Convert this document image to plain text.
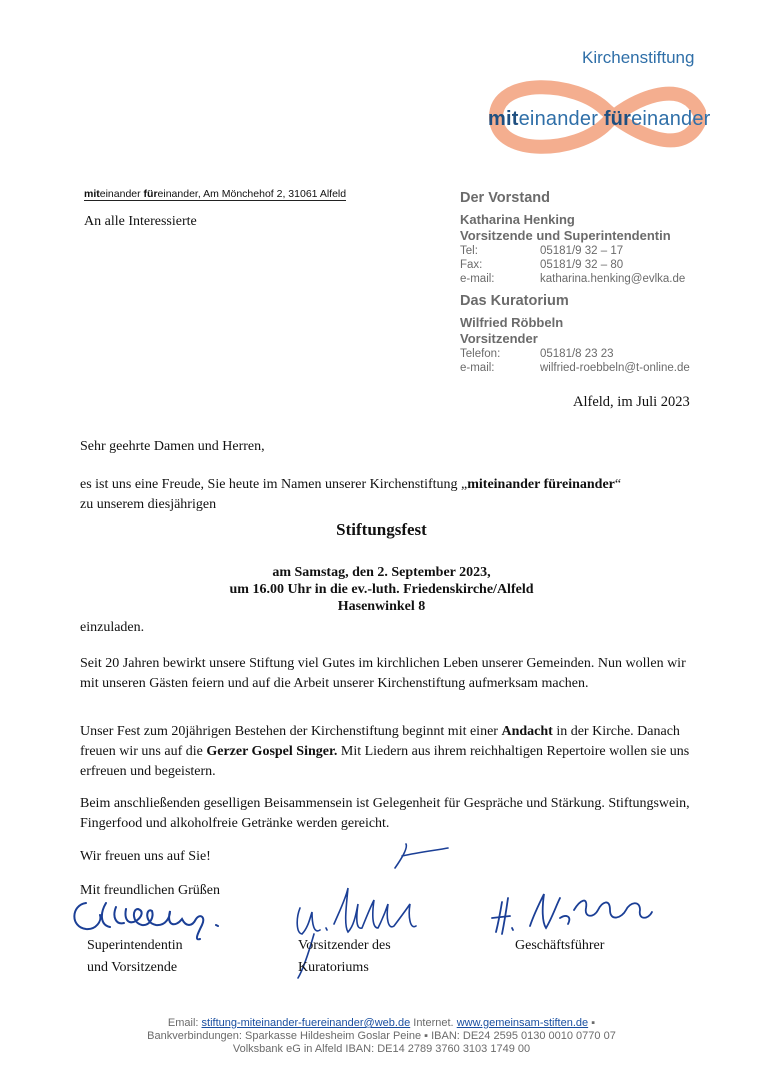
Kirchenstiftung
miteinander füreinander
miteinander füreinander, Am Mönchehof 2, 31061 Alfeld
An alle Interessierte
Der Vorstand
Katharina Henking
Vorsitzende und Superintendentin
Tel:	05181/9 32 – 17
Fax:	05181/9 32 – 80
e-mail:	katharina.henking@evlka.de
Das Kuratorium
Wilfried Röbbeln
Vorsitzender
Telefon:	05181/8 23 23
e-mail:	wilfried-roebbeln@t-online.de
Alfeld, im Juli 2023
Sehr geehrte Damen und Herren,
es ist uns eine Freude, Sie heute im Namen unserer Kirchenstiftung „miteinander füreinander“
zu unserem diesjährigen
Stiftungsfest
am Samstag, den 2. September 2023,
um 16.00 Uhr in die ev.-luth. Friedenskirche/Alfeld
Hasenwinkel 8
einzuladen.
Seit 20 Jahren bewirkt unsere Stiftung viel Gutes im kirchlichen Leben unserer Gemeinden. Nun wollen wir mit unseren Gästen feiern und auf die Arbeit unserer Kirchenstiftung aufmerksam machen.
Unser Fest zum 20jährigen Bestehen der Kirchenstiftung beginnt mit einer Andacht in der Kirche. Danach freuen wir uns auf die Gerzer Gospel Singer. Mit Liedern aus ihrem reichhaltigen Repertoire wollen sie uns erfreuen und begeistern.
Beim anschließenden geselligen Beisammensein ist Gelegenheit für Gespräche und Stärkung. Stiftungswein, Fingerfood und alkoholfreie Getränke werden gereicht.
Wir freuen uns auf Sie!
Mit freundlichen Grüßen
Superintendentin
und Vorsitzende
Vorsitzender des
Kuratoriums
Geschäftsführer
Email: stiftung-miteinander-fuereinander@web.de Internet. www.gemeinsam-stiften.de ▪
Bankverbindungen: Sparkasse Hildesheim Goslar Peine ▪ IBAN: DE24 2595 0130 0010 0770 07
Volksbank eG in Alfeld IBAN: DE14 2789 3760 3103 1749 00
